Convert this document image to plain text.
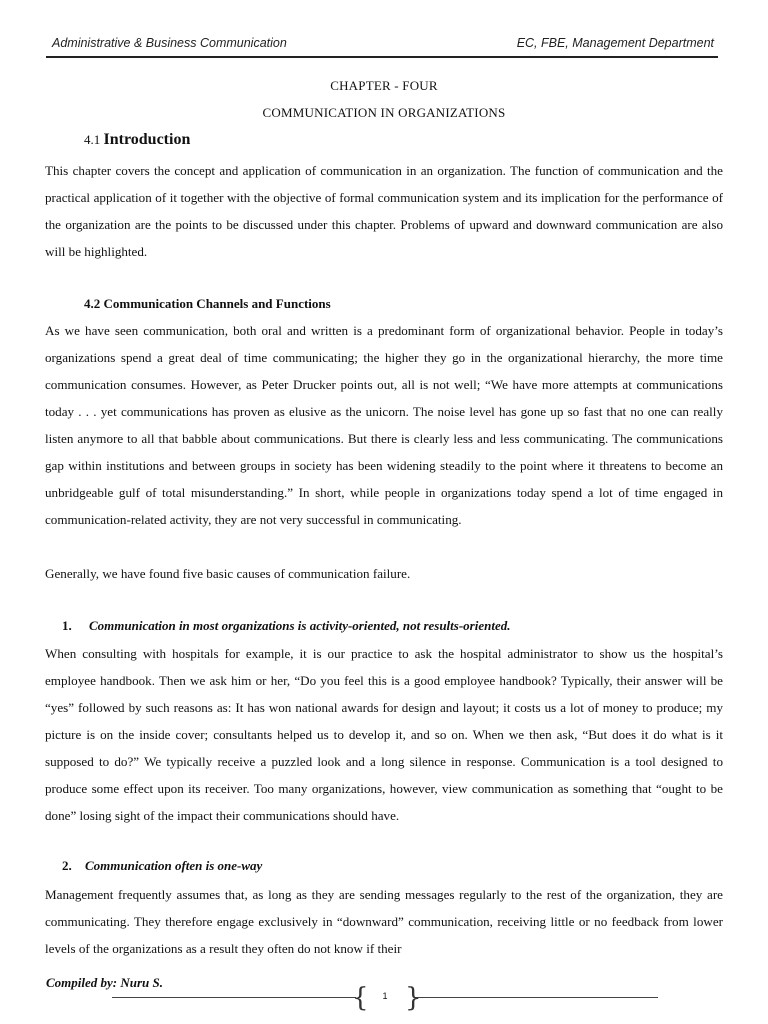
Administrative & Business Communication	EC, FBE, Management Department
CHAPTER - FOUR
COMMUNICATION IN ORGANIZATIONS
4.1 Introduction
This chapter covers the concept and application of communication in an organization. The function of communication and the practical application of it together with the objective of formal communication system and its implication for the performance of the organization are the points to be discussed under this chapter. Problems of upward and downward communication are also will be highlighted.
4.2 Communication Channels and Functions
As we have seen communication, both oral and written is a predominant form of organizational behavior. People in today’s organizations spend a great deal of time communicating; the higher they go in the organizational hierarchy, the more time communication consumes. However, as Peter Drucker points out, all is not well; “We have more attempts at communications today . . . yet communications has proven as elusive as the unicorn. The noise level has gone up so fast that no one can really listen anymore to all that babble about communications. But there is clearly less and less communicating. The communications gap within institutions and between groups in society has been widening steadily to the point where it threatens to become an unbridgeable gulf of total misunderstanding.” In short, while people in organizations today spend a lot of time engaged in communication-related activity, they are not very successful in communicating.
Generally, we have found five basic causes of communication failure.
1. Communication in most organizations is activity-oriented, not results-oriented.
When consulting with hospitals for example, it is our practice to ask the hospital administrator to show us the hospital’s employee handbook. Then we ask him or her, “Do you feel this is a good employee handbook? Typically, their answer will be “yes” followed by such reasons as: It has won national awards for design and layout; it costs us a lot of money to produce; my picture is on the inside cover; consultants helped us to develop it, and so on. When we then ask, “But does it do what is it supposed to do?” We typically receive a puzzled look and a long silence in response. Communication is a tool designed to produce some effect upon its receiver. Too many organizations, however, view communication as something that “ought to be done” losing sight of the impact their communications should have.
2. Communication often is one-way
Management frequently assumes that, as long as they are sending messages regularly to the rest of the organization, they are communicating. They therefore engage exclusively in “downward” communication, receiving little or no feedback from lower levels of the organizations as a result they often do not know if their
Compiled by: Nuru S.
{ }
1
